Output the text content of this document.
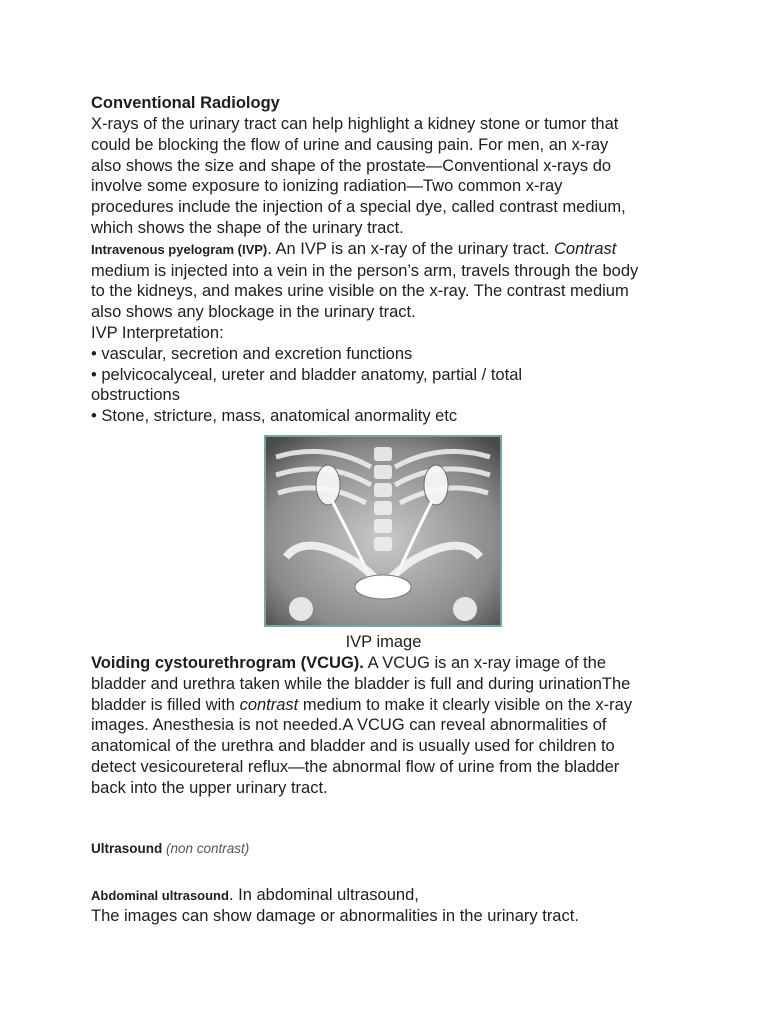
Conventional Radiology
X-rays of the urinary tract can help highlight a kidney stone or tumor that
could be blocking the flow of urine and causing pain. For men, an x-ray
also shows the size and shape of the prostate—Conventional x-rays do
involve some exposure to ionizing radiation—Two common x-ray
procedures include the injection of a special dye, called contrast medium,
which shows the shape of the urinary tract.
Intravenous pyelogram (IVP). An IVP is an x-ray of the urinary tract. Contrast
medium is injected into a vein in the person’s arm, travels through the body
to the kidneys, and makes urine visible on the x-ray. The contrast medium
also shows any blockage in the urinary tract.
IVP Interpretation:
• vascular, secretion and excretion functions
• pelvicocalyceal, ureter and bladder anatomy, partial / total
obstructions
• Stone, stricture, mass, anatomical anormality etc
IVP image
Voiding cystourethrogram (VCUG). A VCUG is an x-ray image of the
bladder and urethra taken while the bladder is full and during urinationThe
bladder is filled with contrast medium to make it clearly visible on the x-ray
images. Anesthesia is not needed.A VCUG can reveal abnormalities of
anatomical of the urethra and bladder and is usually used for children to
detect vesicoureteral reflux—the abnormal flow of urine from the bladder
back into the upper urinary tract.
Ultrasound (non contrast)
Abdominal ultrasound. In abdominal ultrasound,
The images can show damage or abnormalities in the urinary tract.
